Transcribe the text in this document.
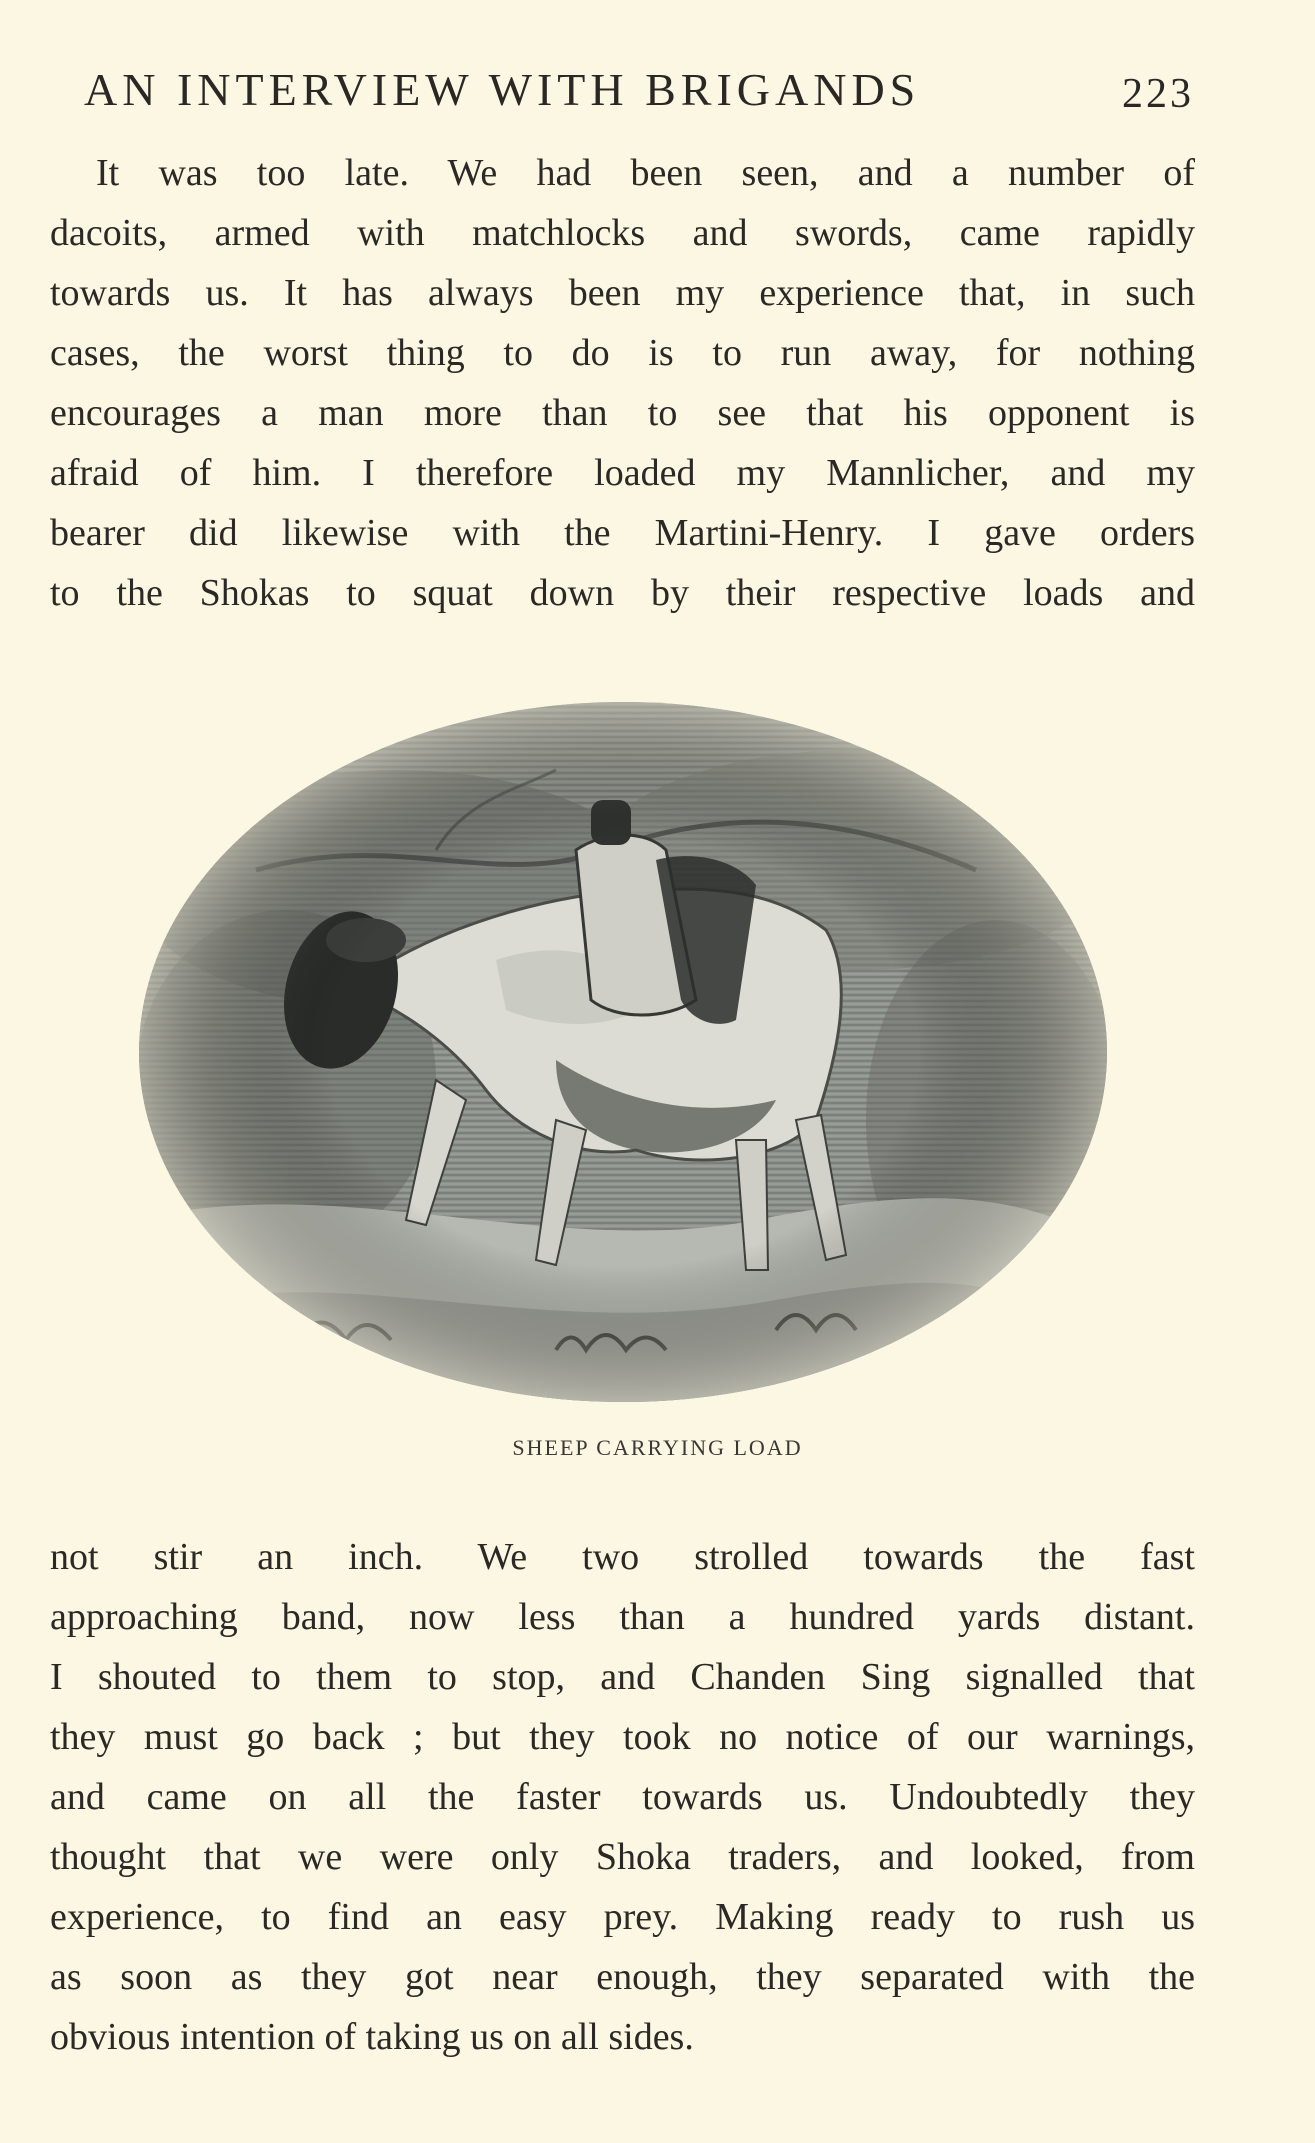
AN INTERVIEW WITH BRIGANDS	223
It was too late. We had been seen, and a number of
dacoits, armed with matchlocks and swords, came rapidly
towards us. It has always been my experience that, in such
cases, the worst thing to do is to run away, for nothing
encourages a man more than to see that his opponent is
afraid of him. I therefore loaded my Mannlicher, and my
bearer did likewise with the Martini-Henry. I gave orders
to the Shokas to squat down by their respective loads and
SHEEP CARRYING LOAD
not stir an inch. We two strolled towards the fast
approaching band, now less than a hundred yards distant.
I shouted to them to stop, and Chanden Sing signalled that
they must go back ; but they took no notice of our warnings,
and came on all the faster towards us. Undoubtedly they
thought that we were only Shoka traders, and looked, from
experience, to find an easy prey. Making ready to rush us
as soon as they got near enough, they separated with the
obvious intention of taking us on all sides.
